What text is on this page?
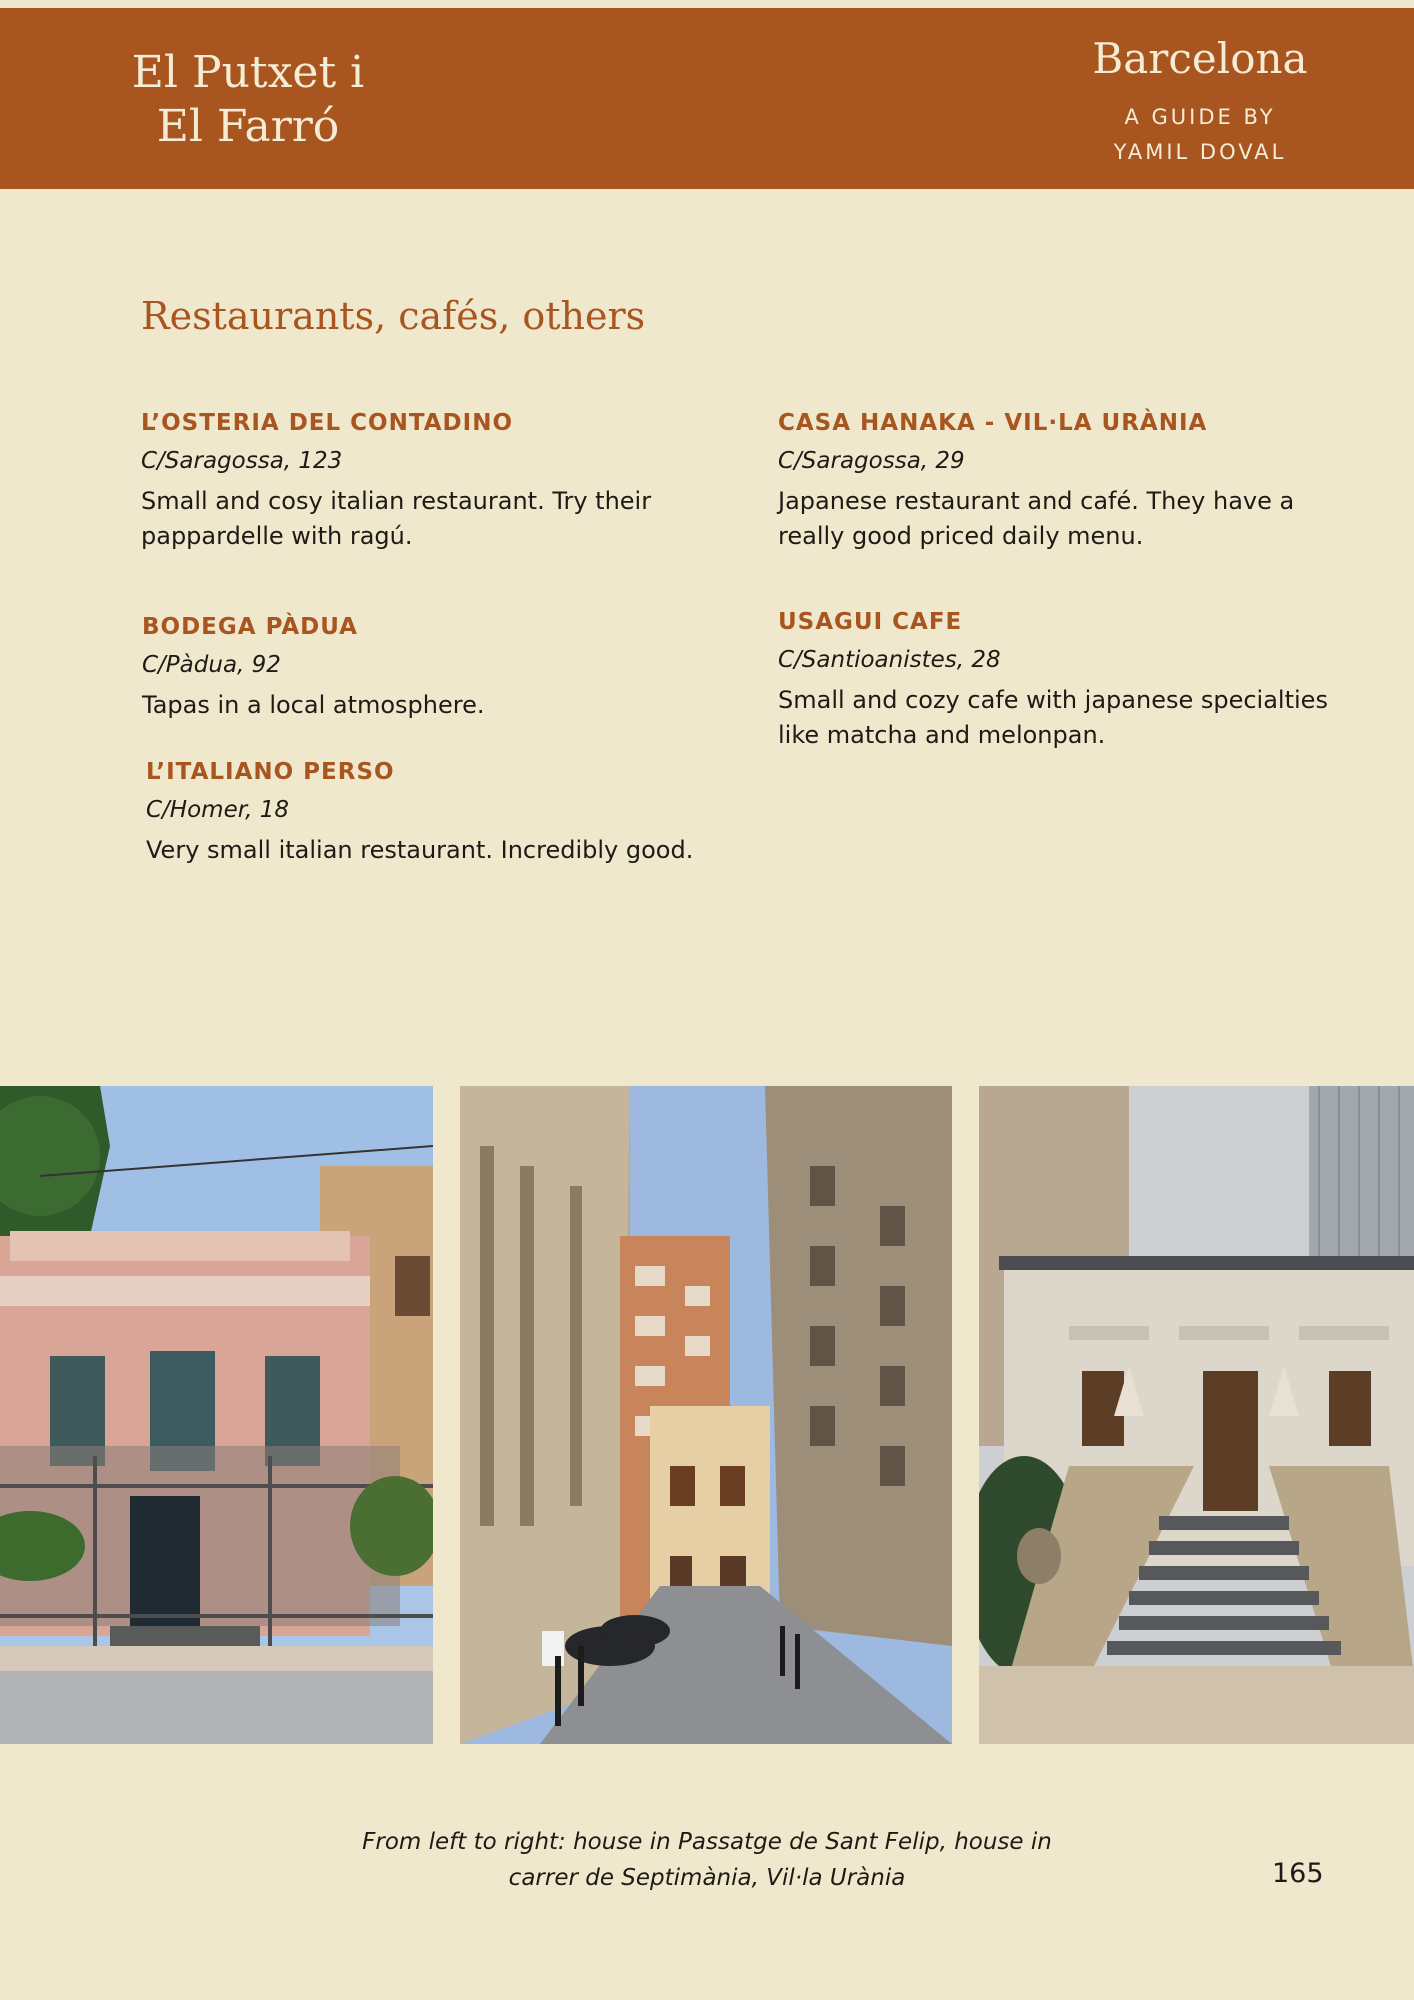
El Putxet i
El Farró
Barcelona
A GUIDE BY
YAMIL DOVAL
Restaurants, cafés, others
L’OSTERIA DEL CONTADINO
C/Saragossa, 123
Small and cosy italian restaurant. Try their pappardelle with ragú.
BODEGA PÀDUA
C/Pàdua, 92
Tapas in a local atmosphere.
L’ITALIANO PERSO
C/Homer, 18
Very small italian restaurant. Incredibly good.
CASA HANAKA - VIL·LA URÀNIA
C/Saragossa, 29
Japanese restaurant and café. They have a really good priced daily menu.
USAGUI CAFE
C/Santioanistes, 28
Small and cozy cafe with japanese specialties like matcha and melonpan.
From left to right: house in Passatge de Sant Felip, house in
carrer de Septimània, Vil·la Urània	165
